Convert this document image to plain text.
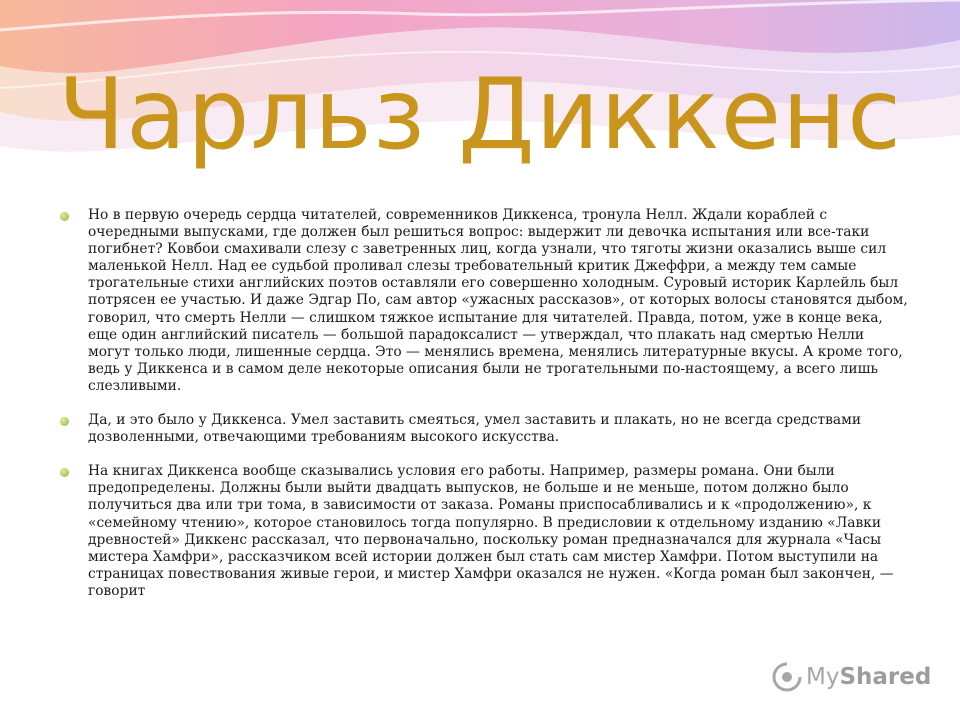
Чарльз Диккенс

Но в первую очередь сердца читателей, современников Диккенса, тронула Нелл. Ждали кораблей с очередными выпусками, где должен был решиться вопрос: выдержит ли девочка испытания или все-таки погибнет? Ковбои смахивали слезу с заветренных лиц, когда узнали, что тяготы жизни оказались выше сил маленькой Нелл. Над ее судьбой проливал слезы требовательный критик Джеффри, а между тем самые трогательные стихи английских поэтов оставляли его совершенно холодным. Суровый историк Карлейль был потрясен ее участью. И даже Эдгар По, сам автор «ужасных рассказов», от которых волосы становятся дыбом, говорил, что смерть Нелли — слишком тяжкое испытание для читателей. Правда, потом, уже в конце века, еще один английский писатель — большой парадоксалист — утверждал, что плакать над смертью Нелли могут только люди, лишенные сердца. Это — менялись времена, менялись литературные вкусы. А кроме того, ведь у Диккенса и в самом деле некоторые описания были не трогательными по-настоящему, а всего лишь слезливыми.

Да, и это было у Диккенса. Умел заставить смеяться, умел заставить и плакать, но не всегда средствами дозволенными, отвечающими требованиям высокого искусства.

На книгах Диккенса вообще сказывались условия его работы. Например, размеры романа. Они были предопределены. Должны были выйти двадцать выпусков, не больше и не меньше, потом должно было получиться два или три тома, в зависимости от заказа. Романы приспосабливались и к «продолжению», к «семейному чтению», которое становилось тогда популярно. В предисловии к отдельному изданию «Лавки древностей» Диккенс рассказал, что первоначально, поскольку роман предназначался для журнала «Часы мистера Хамфри», рассказчиком всей истории должен был стать сам мистер Хамфри. Потом выступили на страницах повествования живые герои, и мистер Хамфри оказался не нужен. «Когда роман был закончен, — говорит

MyShared
